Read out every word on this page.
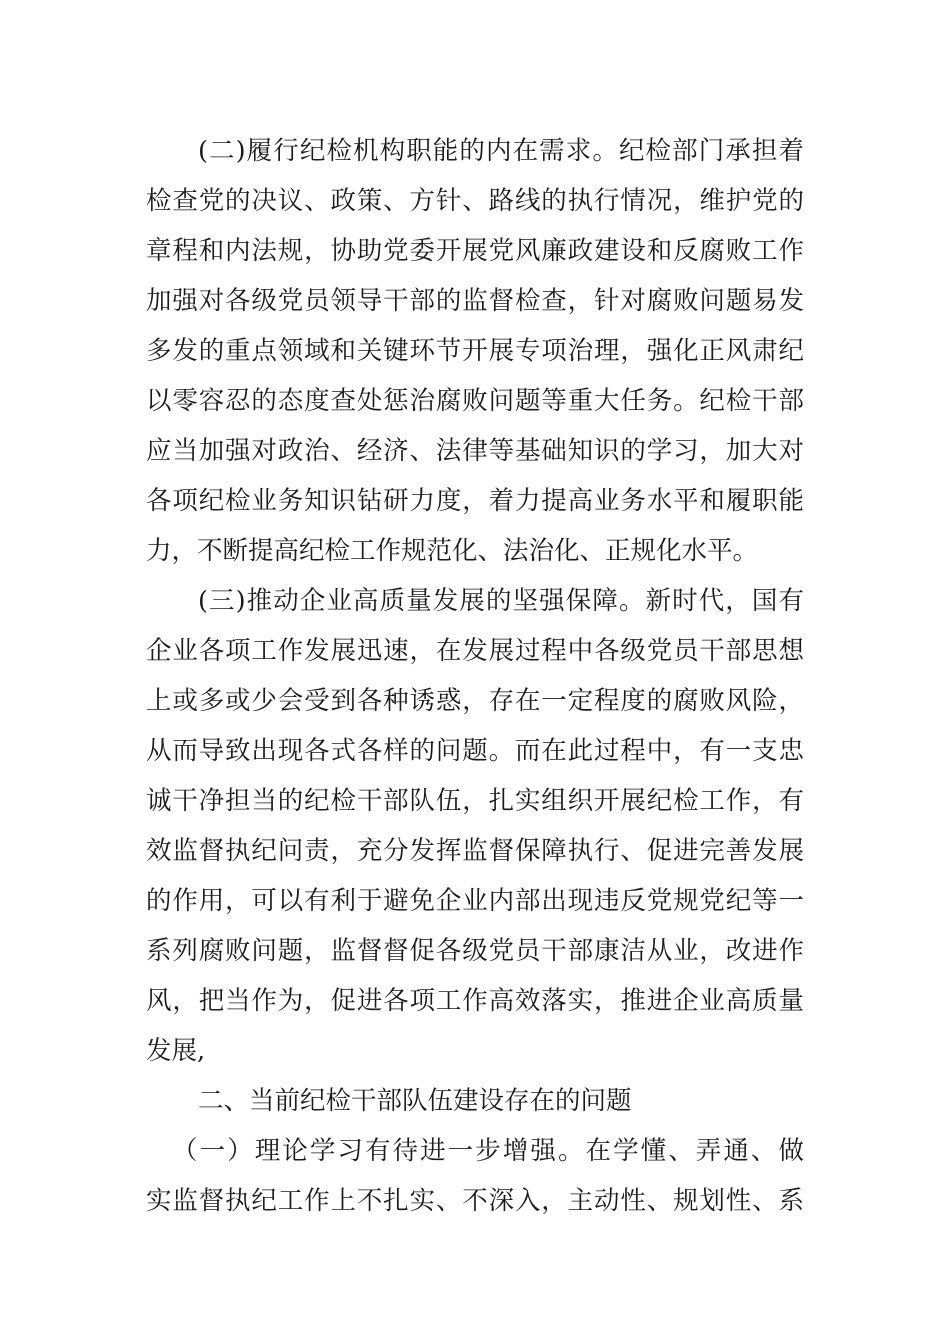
(二)履行纪检机构职能的内在需求。纪检部门承担着

检查党的决议、政策、方针、路线的执行情况，维护党的

章程和内法规，协助党委开展党风廉政建设和反腐败工作

加强对各级党员领导干部的监督检查，针对腐败问题易发

多发的重点领域和关键环节开展专项治理，强化正风肃纪

以零容忍的态度查处惩治腐败问题等重大任务。纪检干部

应当加强对政治、经济、法律等基础知识的学习，加大对

各项纪检业务知识钻研力度，着力提高业务水平和履职能

力，不断提高纪检工作规范化、法治化、正规化水平。

(三)推动企业高质量发展的坚强保障。新时代，国有

企业各项工作发展迅速，在发展过程中各级党员干部思想

上或多或少会受到各种诱惑，存在一定程度的腐败风险，

从而导致出现各式各样的问题。而在此过程中，有一支忠

诚干净担当的纪检干部队伍，扎实组织开展纪检工作，有

效监督执纪问责，充分发挥监督保障执行、促进完善发展

的作用，可以有利于避免企业内部出现违反党规党纪等一

系列腐败问题，监督督促各级党员干部康洁从业，改进作

风，把当作为，促进各项工作高效落实，推进企业高质量

发展,

二、当前纪检干部队伍建设存在的问题

（一）理论学习有待进一步增强。在学懂、弄通、做

实监督执纪工作上不扎实、不深入，主动性、规划性、系
